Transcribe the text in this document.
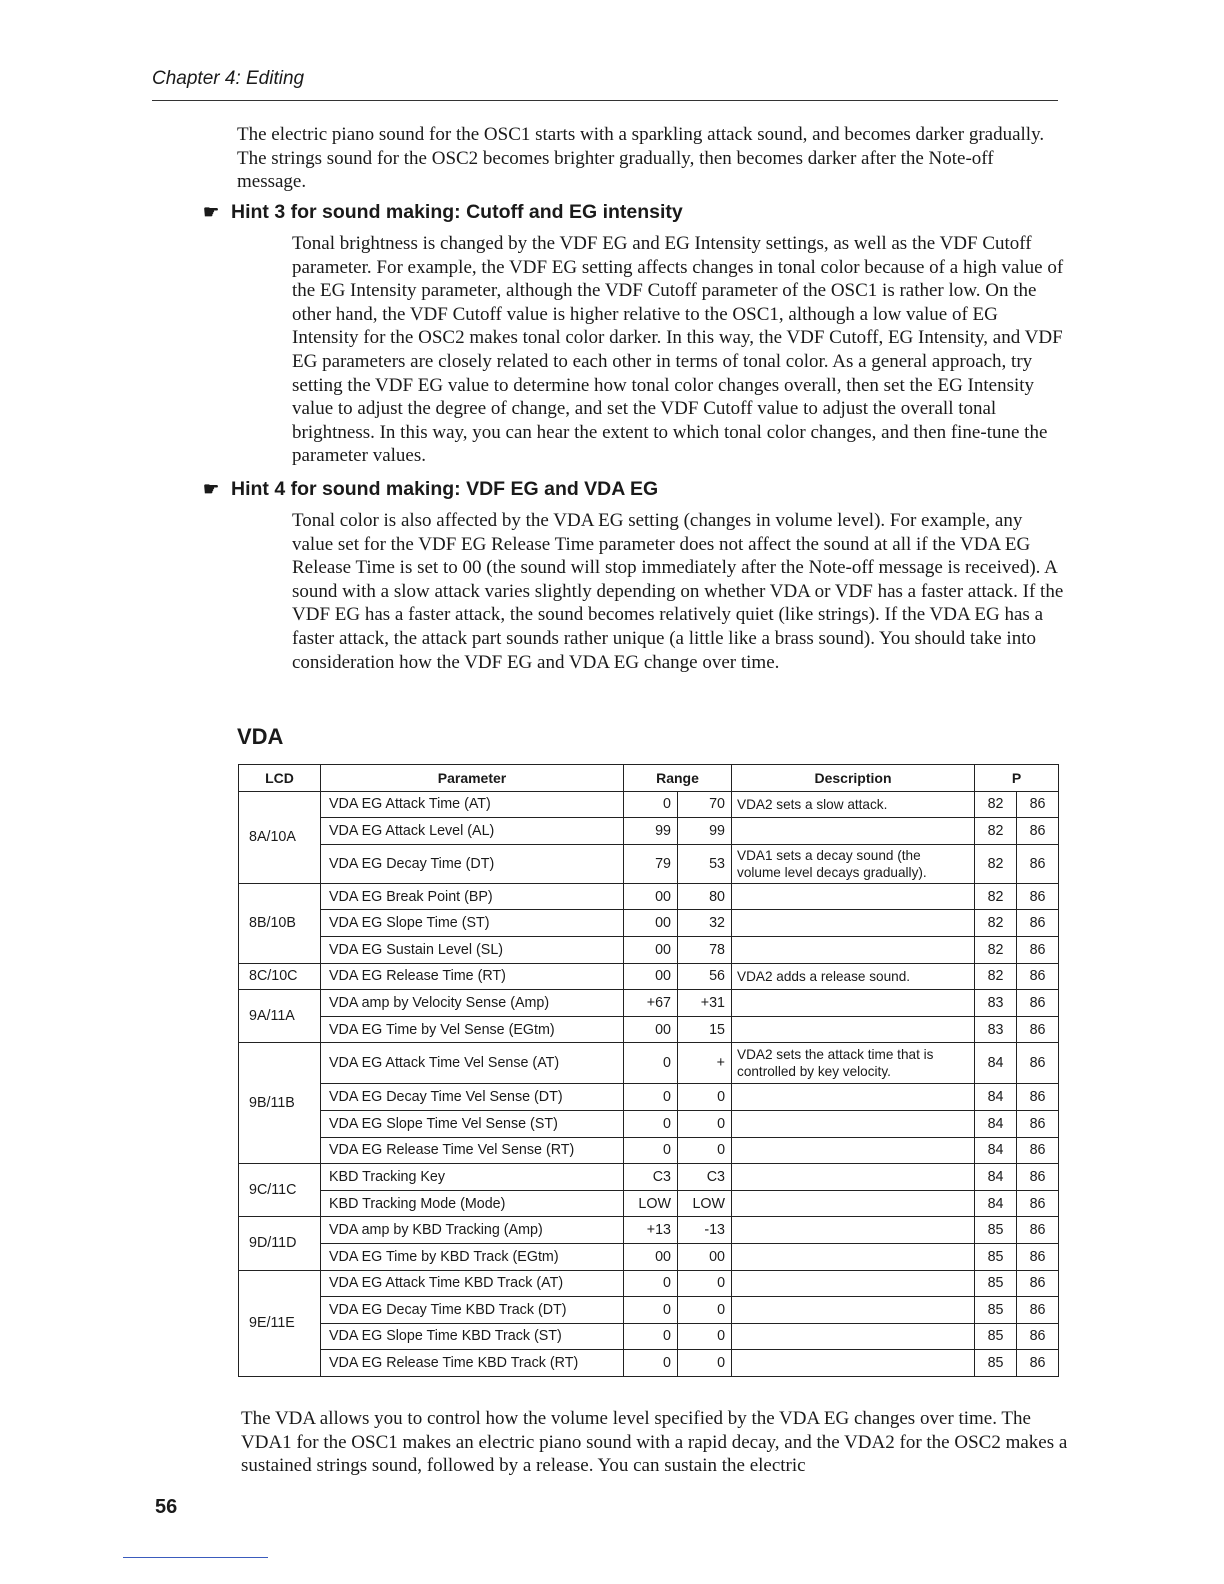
Chapter 4: Editing
The electric piano sound for the OSC1 starts with a sparkling attack sound, and becomes darker gradually. The strings sound for the OSC2 becomes brighter gradually, then becomes darker after the Note-off message.
☛ Hint 3 for sound making: Cutoff and EG intensity
Tonal brightness is changed by the VDF EG and EG Intensity settings, as well as the VDF Cutoff parameter. For example, the VDF EG setting affects changes in tonal color because of a high value of the EG Intensity parameter, although the VDF Cutoff parameter of the OSC1 is rather low. On the other hand, the VDF Cutoff value is higher relative to the OSC1, although a low value of EG Intensity for the OSC2 makes tonal color darker. In this way, the VDF Cutoff, EG Intensity, and VDF EG parameters are closely related to each other in terms of tonal color. As a general approach, try setting the VDF EG value to determine how tonal color changes overall, then set the EG Intensity value to adjust the degree of change, and set the VDF Cutoff value to adjust the overall tonal brightness. In this way, you can hear the extent to which tonal color changes, and then fine-tune the parameter values.
☛ Hint 4 for sound making: VDF EG and VDA EG
Tonal color is also affected by the VDA EG setting (changes in volume level). For example, any value set for the VDF EG Release Time parameter does not affect the sound at all if the VDA EG Release Time is set to 00 (the sound will stop immediately after the Note-off message is received). A sound with a slow attack varies slightly depending on whether VDA or VDF has a faster attack. If the VDF EG has a faster attack, the sound becomes relatively quiet (like strings). If the VDA EG has a faster attack, the attack part sounds rather unique (a little like a brass sound). You should take into consideration how the VDF EG and VDA EG change over time.
VDA
LCD	Parameter	Range		Description	P	
8A/10A	VDA EG Attack Time (AT)	0	70	VDA2 sets a slow attack.	82	86
	VDA EG Attack Level (AL)	99	99		82	86
	VDA EG Decay Time (DT)	79	53	VDA1 sets a decay sound (the volume level decays gradually).	82	86
8B/10B	VDA EG Break Point (BP)	00	80		82	86
	VDA EG Slope Time (ST)	00	32		82	86
	VDA EG Sustain Level (SL)	00	78		82	86
8C/10C	VDA EG Release Time (RT)	00	56	VDA2 adds a release sound.	82	86
9A/11A	VDA amp by Velocity Sense (Amp)	+67	+31		83	86
	VDA EG Time by Vel Sense (EGtm)	00	15		83	86
9B/11B	VDA EG Attack Time Vel Sense (AT)	0	+	VDA2 sets the attack time that is controlled by key velocity.	84	86
	VDA EG Decay Time Vel Sense (DT)	0	0		84	86
	VDA EG Slope Time Vel Sense (ST)	0	0		84	86
	VDA EG Release Time Vel Sense (RT)	0	0		84	86
9C/11C	KBD Tracking Key	C3	C3		84	86
	KBD Tracking Mode (Mode)	LOW	LOW		84	86
9D/11D	VDA amp by KBD Tracking (Amp)	+13	-13		85	86
	VDA EG Time by KBD Track (EGtm)	00	00		85	86
9E/11E	VDA EG Attack Time KBD Track (AT)	0	0		85	86
	VDA EG Decay Time KBD Track (DT)	0	0		85	86
	VDA EG Slope Time KBD Track (ST)	0	0		85	86
	VDA EG Release Time KBD Track (RT)	0	0		85	86
The VDA allows you to control how the volume level specified by the VDA EG changes over time. The VDA1 for the OSC1 makes an electric piano sound with a rapid decay, and the VDA2 for the OSC2 makes a sustained strings sound, followed by a release. You can sustain the electric
56
